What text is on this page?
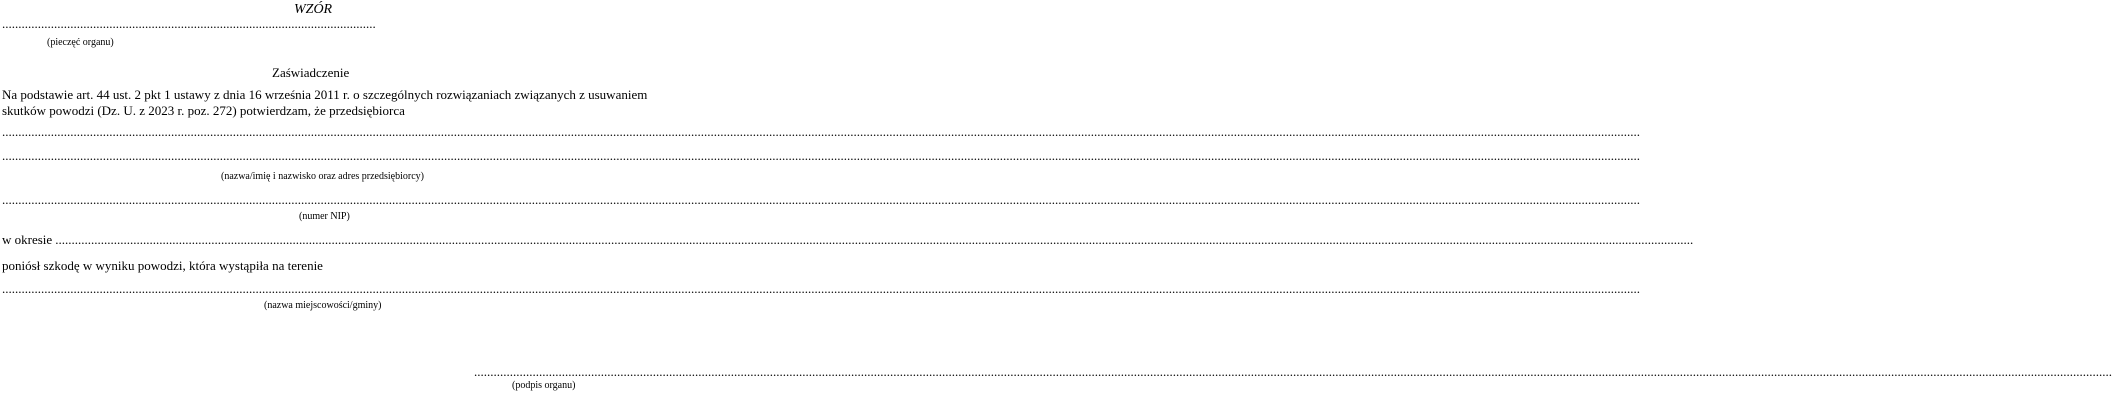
WZÓR
...................................................................................................................
(pieczęć organu)
Zaświadczenie
Na podstawie art. 44 ust. 2 pkt 1 ustawy z dnia 16 września 2011 r. o szczególnych rozwiązaniach związanych z usuwaniem
skutków powodzi (Dz. U. z 2023 r. poz. 272) potwierdzam, że przedsiębiorca
........................................................................................................................................................................................................................................................................................................................................................................................................................................................................................................................
........................................................................................................................................................................................................................................................................................................................................................................................................................................................................................................................
(nazwa/imię i nazwisko oraz adres przedsiębiorcy)
........................................................................................................................................................................................................................................................................................................................................................................................................................................................................................................................
(numer NIP)
w okresie ........................................................................................................................................................................................................................................................................................................................................................................................................................................................................................................................
poniósł szkodę w wyniku powodzi, która wystąpiła na terenie
........................................................................................................................................................................................................................................................................................................................................................................................................................................................................................................................
(nazwa miejscowości/gminy)
........................................................................................................................................................................................................................................................................................................................................................................................................................................................................................................................
(podpis organu)
